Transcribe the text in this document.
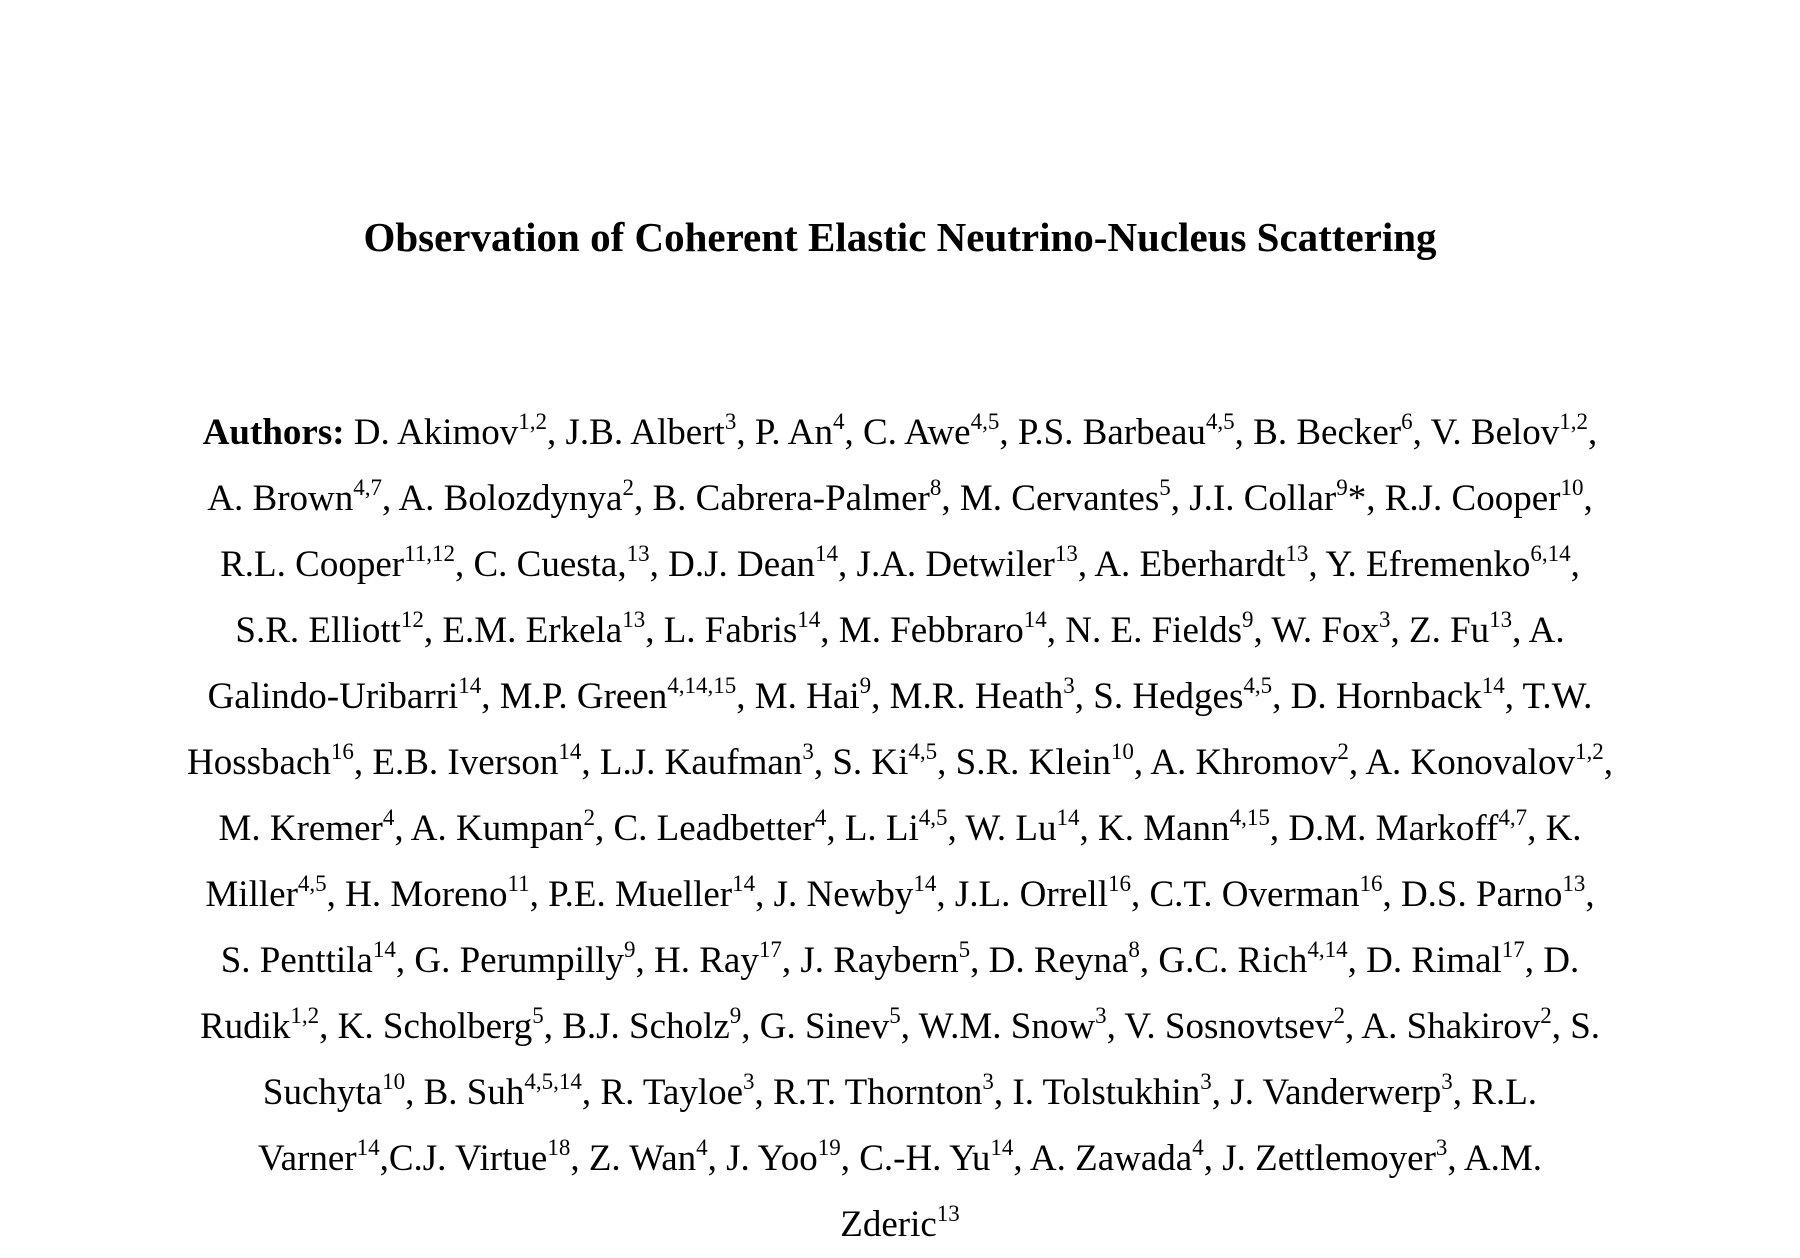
Observation of Coherent Elastic Neutrino-Nucleus Scattering
Authors: D. Akimov$^{1,2}$, J.B. Albert$^3$, P. An$^4$, C. Awe$^{4,5}$, P.S. Barbeau$^{4,5}$, B. Becker$^6$, V. Belov$^{1,2}$,
A. Brown$^{4,7}$, A. Bolozdynya$^2$, B. Cabrera-Palmer$^8$, M. Cervantes$^5$, J.I. Collar$^9$*, R.J. Cooper$^{10}$,
R.L. Cooper$^{11,12}$, C. Cuesta,$^{13}$, D.J. Dean$^{14}$, J.A. Detwiler$^{13}$, A. Eberhardt$^{13}$, Y. Efremenko$^{6,14}$,
S.R. Elliott$^{12}$, E.M. Erkela$^{13}$, L. Fabris$^{14}$, M. Febbraro$^{14}$, N. E. Fields$^9$, W. Fox$^3$, Z. Fu$^{13}$, A.
Galindo-Uribarri$^{14}$, M.P. Green$^{4,14,15}$, M. Hai$^9$, M.R. Heath$^3$, S. Hedges$^{4,5}$, D. Hornback$^{14}$, T.W.
Hossbach$^{16}$, E.B. Iverson$^{14}$, L.J. Kaufman$^3$, S. Ki$^{4,5}$, S.R. Klein$^{10}$, A. Khromov$^2$, A. Konovalov$^{1,2}$,
M. Kremer$^4$, A. Kumpan$^2$, C. Leadbetter$^4$, L. Li$^{4,5}$, W. Lu$^{14}$, K. Mann$^{4,15}$, D.M. Markoff$^{4,7}$, K.
Miller$^{4,5}$, H. Moreno$^{11}$, P.E. Mueller$^{14}$, J. Newby$^{14}$, J.L. Orrell$^{16}$, C.T. Overman$^{16}$, D.S. Parno$^{13}$,
S. Penttila$^{14}$, G. Perumpilly$^9$, H. Ray$^{17}$, J. Raybern$^5$, D. Reyna$^8$, G.C. Rich$^{4,14}$, D. Rimal$^{17}$, D.
Rudik$^{1,2}$, K. Scholberg$^5$, B.J. Scholz$^9$, G. Sinev$^5$, W.M. Snow$^3$, V. Sosnovtsev$^2$, A. Shakirov$^2$, S.
Suchyta$^{10}$, B. Suh$^{4,5,14}$, R. Tayloe$^3$, R.T. Thornton$^3$, I. Tolstukhin$^3$, J. Vanderwerp$^3$, R.L.
Varner$^{14}$,C.J. Virtue$^{18}$, Z. Wan$^4$, J. Yoo$^{19}$, C.-H. Yu$^{14}$, A. Zawada$^4$, J. Zettlemoyer$^3$, A.M.
Zderic$^{13}$
